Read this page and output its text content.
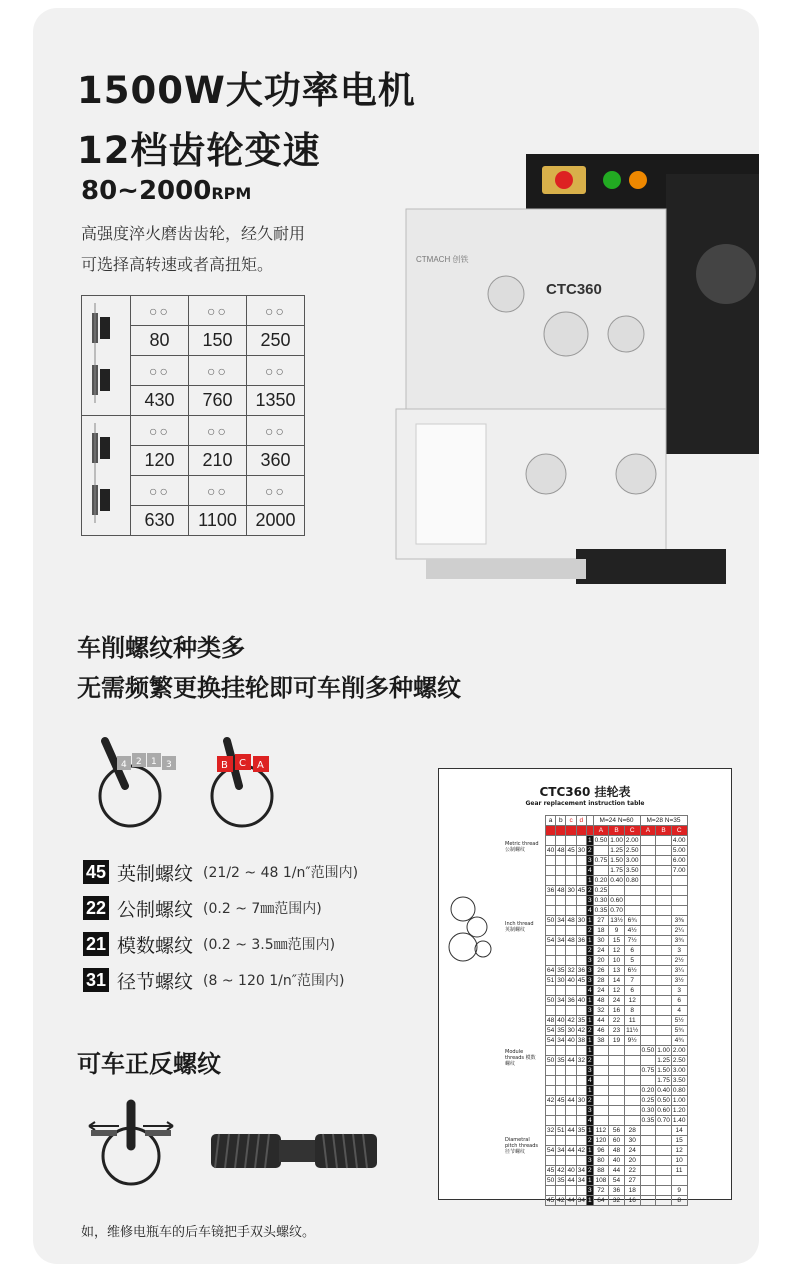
1500W大功率电机
12档齿轮变速
80~2000RPM
高强度淬火磨齿齿轮，经久耐用
可选择高转速或者高扭矩。
	○○	○○	○○
	80	150	250
	○○	○○	○○
	430	760	1350
	○○	○○	○○
	120	210	360
	○○	○○	○○
	630	1100	2000
CTC360
CTMACH 创铁
车削螺纹种类多
无需频繁更换挂轮即可车削多种螺纹
4 2 1 3	B C A
45 英制螺纹 (21/2 ~ 48 1/n″范围内)
22 公制螺纹 (0.2 ~ 7㎜范围内)
21 模数螺纹 (0.2 ~ 3.5㎜范围内)
31 径节螺纹 (8 ~ 120 1/n″范围内)
可车正反螺纹
如，维修电瓶车的后车镜把手双头螺纹。
CTC360 挂轮表
Gear replacement instruction table
Metric thread 公制螺纹
Inch thread 英制螺纹
Module threads 模数螺纹
Diametral pitch threads 径节螺纹
a	b	c	d		M=24 N=60			M=28 N=35		
					A	B	C	A	B	C
				1	0.50	1.00	2.00			4.00
40	48	45	30	2		1.25	2.50			5.00
				3	0.75	1.50	3.00			6.00
				4		1.75	3.50			7.00
				1	0.20	0.40	0.80			
36	48	30	45	2	0.25					
				3	0.30	0.60				
				4	0.35	0.70				
50	34	48	30	1	27	13½	6¾			3⅜
				2	18	9	4½			2¼
54	34	48	36	1	30	15	7½			3¾
				2	24	12	6			3
				3	20	10	5			2½
64	35	32	36	3	26	13	6½			3¼
51	30	40	45	3	28	14	7			3½
				4	24	12	6			3
50	34	36	40	1	48	24	12			6
				3	32	16	8			4
48	40	42	35	1	44	22	11			5½
54	35	30	42	2	46	23	11½			5¾
54	34	40	38	1	38	19	9½			4¾
				1				0.50	1.00	2.00
50	35	44	32	2					1.25	2.50
				3				0.75	1.50	3.00
				4					1.75	3.50
				1				0.20	0.40	0.80
42	45	44	30	2				0.25	0.50	1.00
				3				0.30	0.60	1.20
				4				0.35	0.70	1.40
32	51	44	35	1	112	56	28			14
				2	120	60	30			15
54	34	44	42	1	96	48	24			12
				3	80	40	20			10
45	42	40	34	2	88	44	22			11
50	35	44	34	1	108	54	27			
				3	72	36	18			9
45	42	44	34	1	64	32	16			8
